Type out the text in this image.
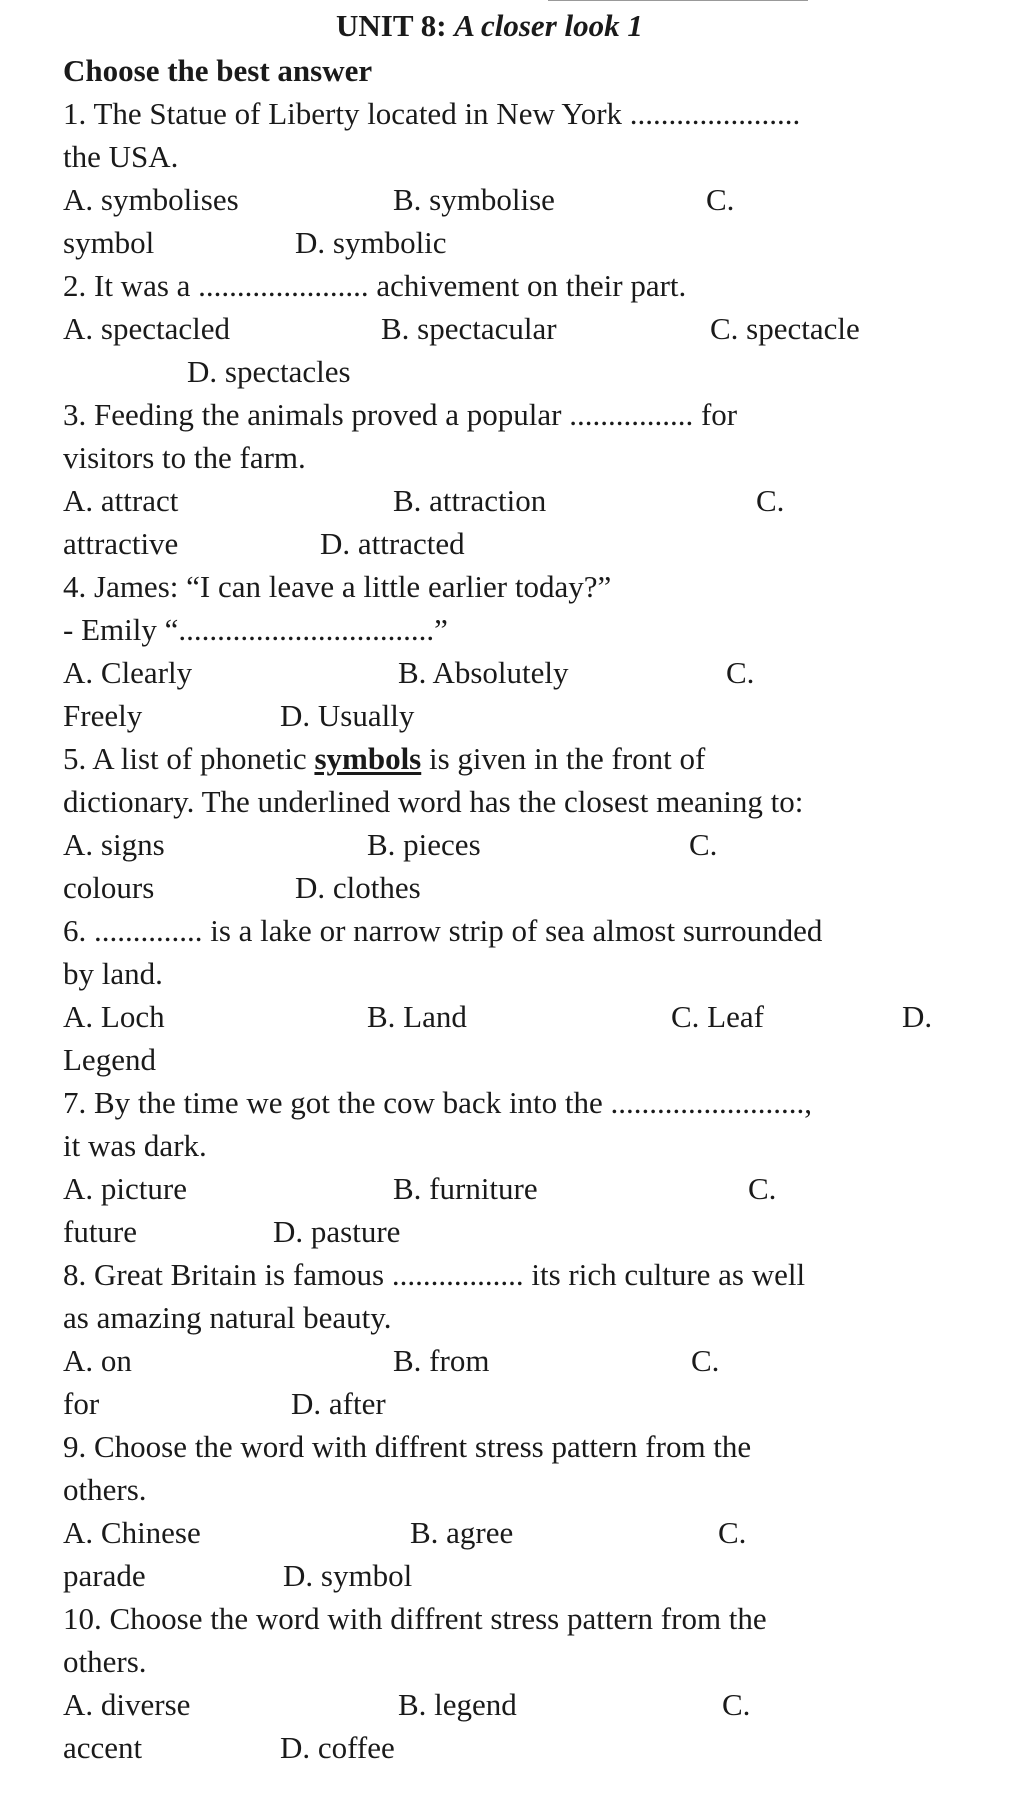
UNIT 8: A closer look 1
Choose the best answer
1. The Statue of Liberty located in New York ......................
the USA.
A. symbolises	B. symbolise	C.
symbol	D. symbolic
2. It was a ...................... achivement on their part.
A. spectacled	B. spectacular	C. spectacle
D. spectacles
3. Feeding the animals proved a popular ................ for
visitors to the farm.
A. attract	B. attraction	C.
attractive	D. attracted
4. James: “I can leave a little earlier today?”
- Emily “.................................”
A. Clearly	B. Absolutely	C.
Freely	D. Usually
5. A list of phonetic symbols is given in the front of
dictionary. The underlined word has the closest meaning to:
A. signs	B. pieces	C.
colours	D. clothes
6. .............. is a lake or narrow strip of sea almost surrounded
by land.
A. Loch	B. Land	C. Leaf	D.
Legend
7. By the time we got the cow back into the .........................,
it was dark.
A. picture	B. furniture	C.
future	D. pasture
8. Great Britain is famous ................. its rich culture as well
as amazing natural beauty.
A. on	B. from	C.
for	D. after
9. Choose the word with diffrent stress pattern from the
others.
A. Chinese	B. agree	C.
parade	D. symbol
10. Choose the word with diffrent stress pattern from the
others.
A. diverse	B. legend	C.
accent	D. coffee
